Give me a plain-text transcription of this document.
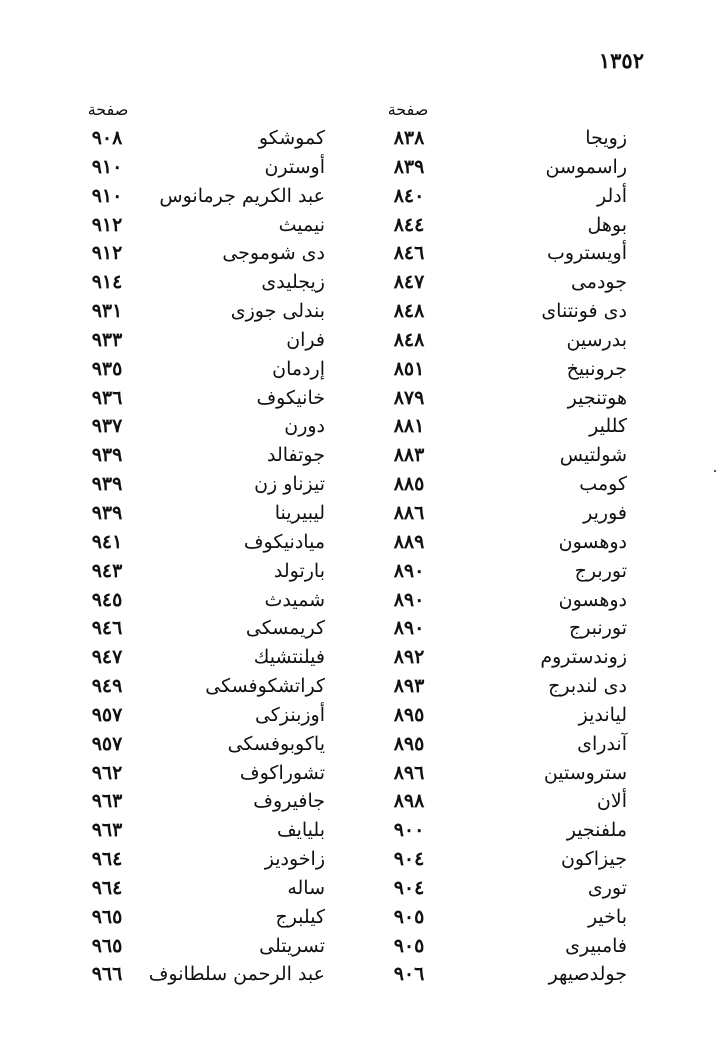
١٣٥٢
صفحة
صفحة
زويجا
٨٣٨
كموشكو
٩٠٨
راسموسن
٨٣٩
أوسترن
٩١٠
أدلر
٨٤٠
عبد الكريم جرمانوس
٩١٠
بوهل
٨٤٤
نيميث
٩١٢
أويستروب
٨٤٦
دى شوموجى
٩١٢
جودمى
٨٤٧
زيجليدى
٩١٤
دى فونتناى
٨٤٨
بندلى جوزى
٩٣١
بدرسين
٨٤٨
فران
٩٣٣
جرونبيخ
٨٥١
إردمان
٩٣٥
هوتنجير
٨٧٩
خانيكوف
٩٣٦
كللير
٨٨١
دورن
٩٣٧
شولتيس
٨٨٣
جوتفالد
٩٣٩
كومب
٨٨٥
تيزناو زن
٩٣٩
فورير
٨٨٦
ليبيرينا
٩٣٩
دوهسون
٨٨٩
ميادنيكوف
٩٤١
توربرج
٨٩٠
بارتولد
٩٤٣
دوهسون
٨٩٠
شميدث
٩٤٥
تورنبرج
٨٩٠
كريمسكى
٩٤٦
زوندستروم
٨٩٢
فيلنتشيك
٩٤٧
دى لندبرج
٨٩٣
كراتشكوفسكى
٩٤٩
ليانديز
٨٩٥
أوزبنزكى
٩٥٧
آندراى
٨٩٥
ياكوبوفسكى
٩٥٧
ستروستين
٨٩٦
تشوراكوف
٩٦٢
ألان
٨٩٨
جافيروف
٩٦٣
ملفنجير
٩٠٠
بليايف
٩٦٣
جيزاكون
٩٠٤
زاخوديز
٩٦٤
تورى
٩٠٤
ساله
٩٦٤
باخير
٩٠٥
كيلبرج
٩٦٥
فامبيرى
٩٠٥
تسريتلى
٩٦٥
جولدصيهر
٩٠٦
عبد الرحمن سلطانوف
٩٦٦
